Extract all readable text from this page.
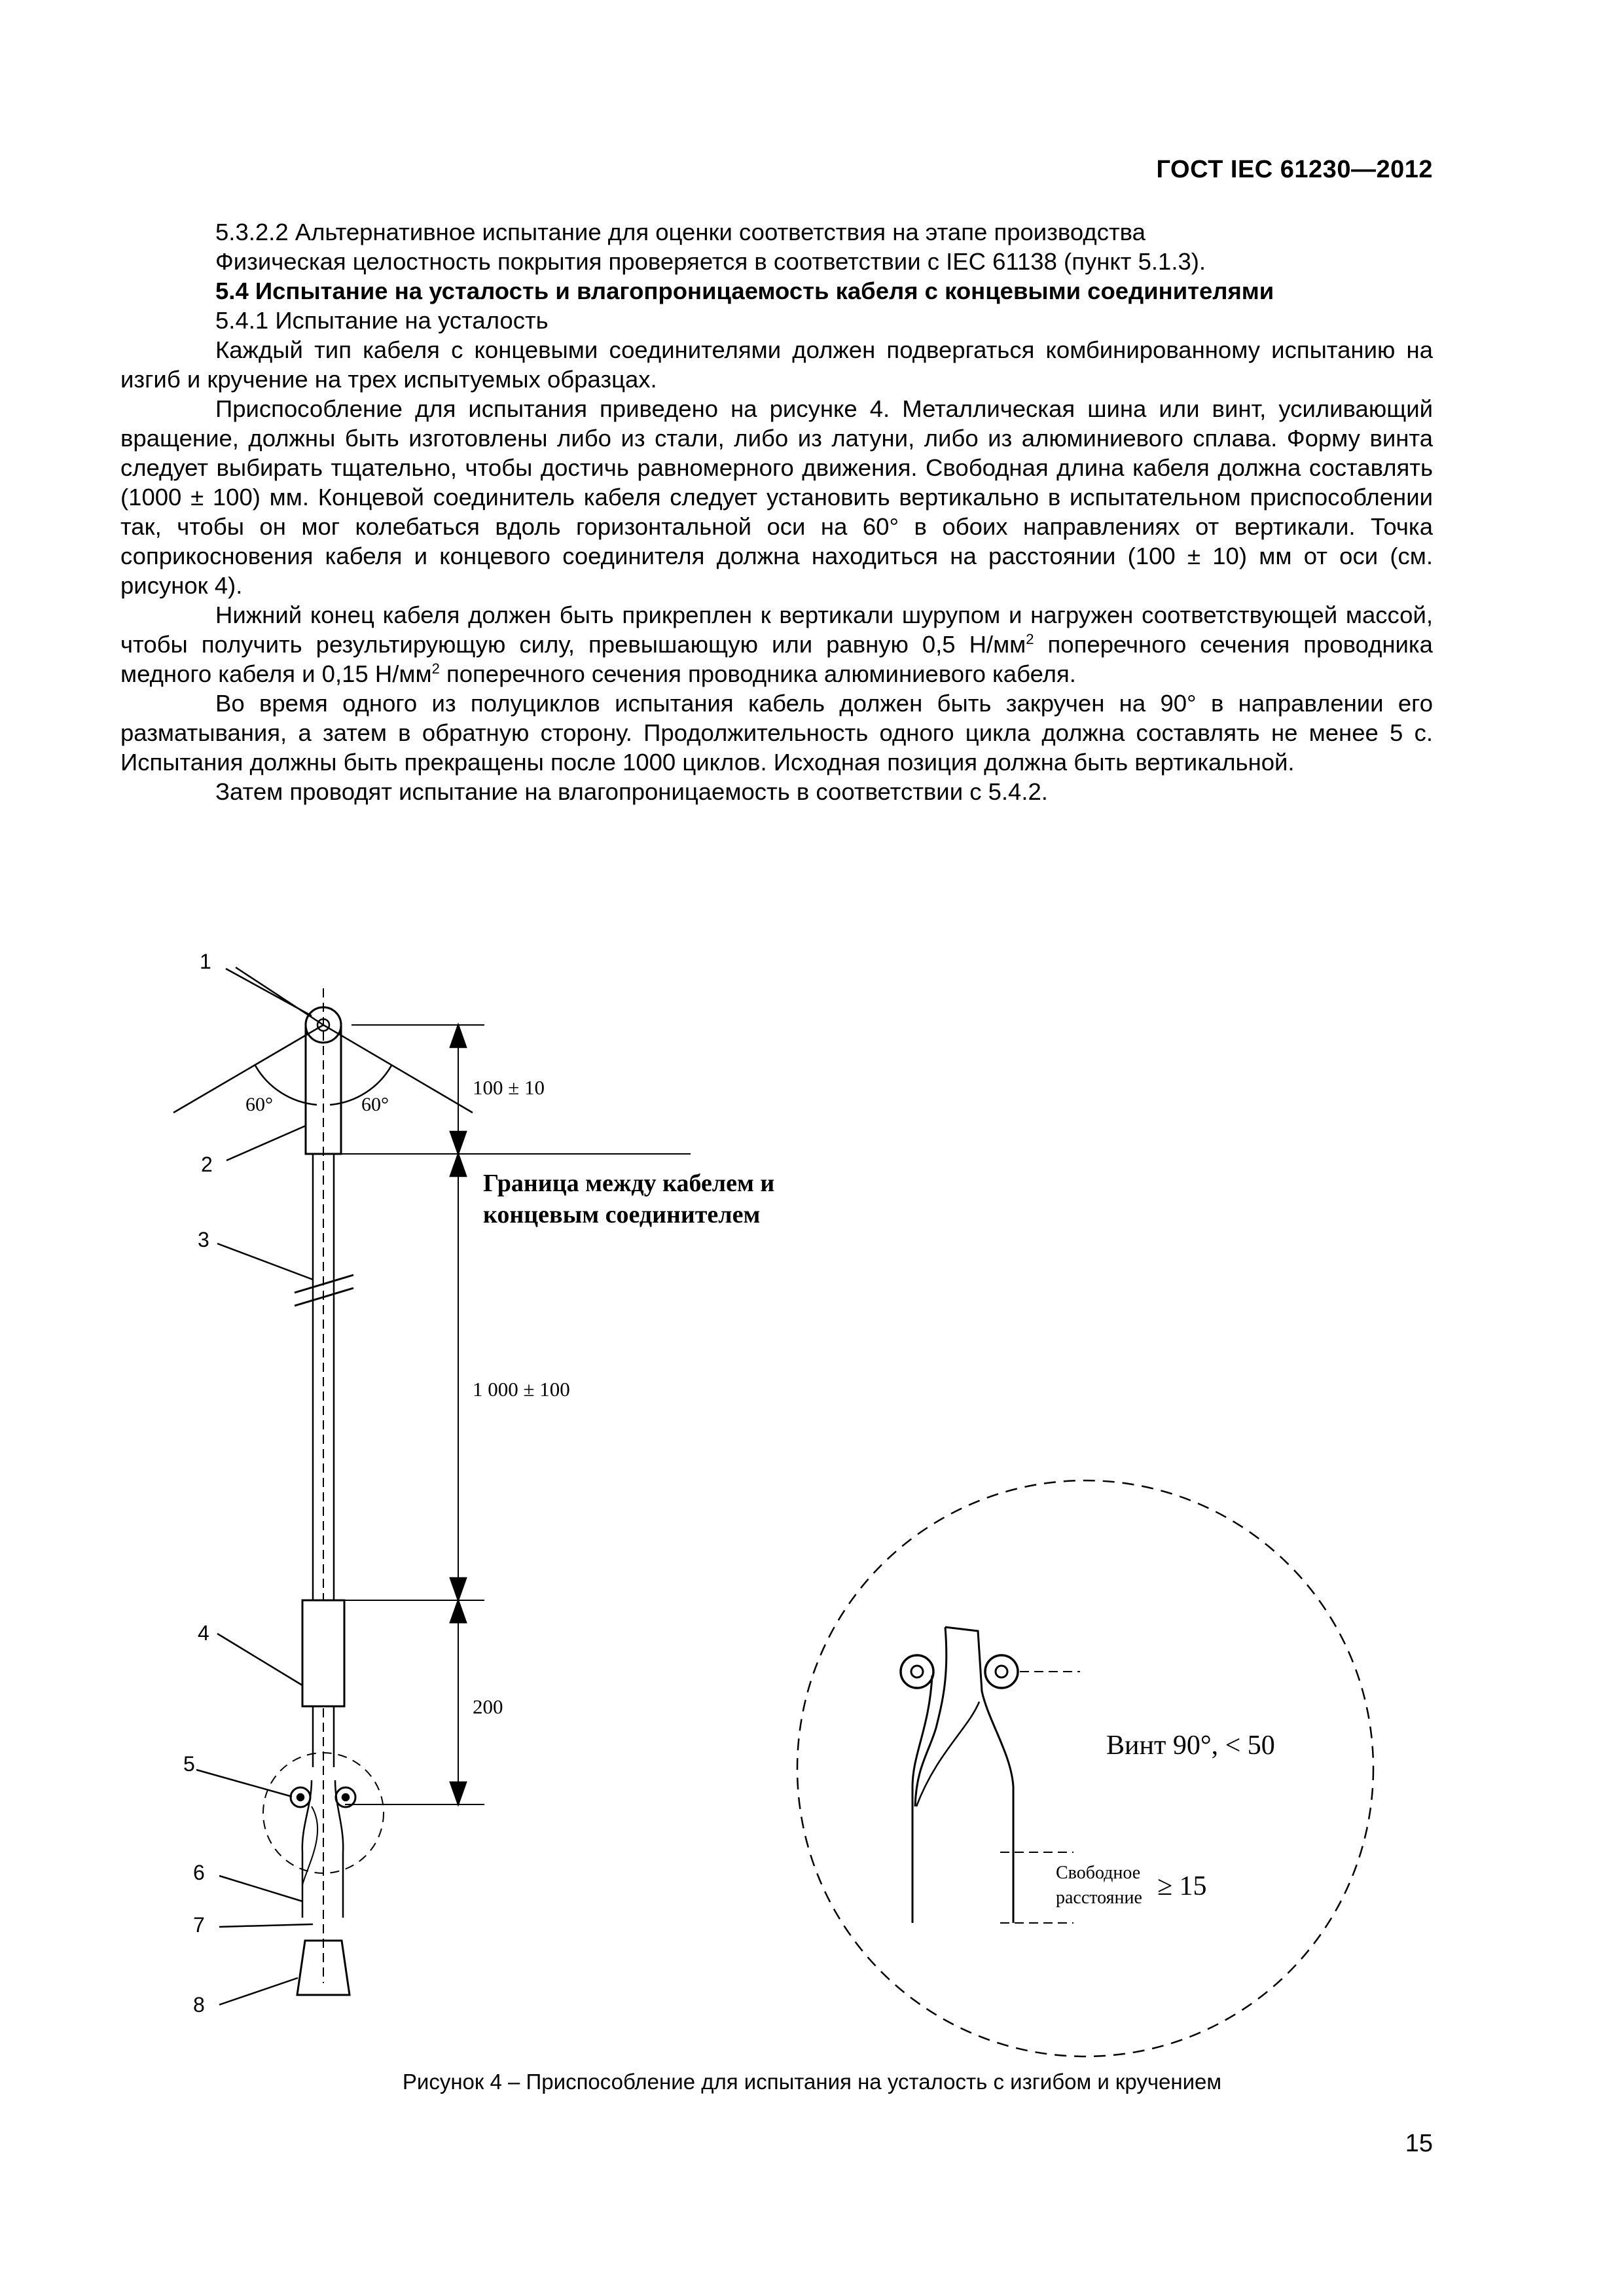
ГОСТ IEC 61230—2012

5.3.2.2 Альтернативное испытание для оценки соответствия на этапе производства

Физическая целостность покрытия проверяется в соответствии с IEC 61138 (пункт 5.1.3).

5.4 Испытание на усталость и влагопроницаемость кабеля с концевыми соединителями

5.4.1 Испытание на усталость

Каждый тип кабеля с концевыми соединителями должен подвергаться комбинированному испытанию на изгиб и кручение на трех испытуемых образцах.

Приспособление для испытания приведено на рисунке 4. Металлическая шина или винт, усиливающий вращение, должны быть изготовлены либо из стали, либо из латуни, либо из алюминиевого сплава. Форму винта следует выбирать тщательно, чтобы достичь равномерного движения. Свободная длина кабеля должна составлять (1000 ± 100) мм. Концевой соединитель кабеля следует установить вертикально в испытательном приспособлении так, чтобы он мог колебаться вдоль горизонтальной оси на 60° в обоих направлениях от вертикали. Точка соприкосновения кабеля и концевого соединителя должна находиться на расстоянии (100 ± 10) мм от оси (см. рисунок 4).

Нижний конец кабеля должен быть прикреплен к вертикали шурупом и нагружен соответствующей массой, чтобы получить результирующую силу, превышающую или равную 0,5 $Н/мм^2$ поперечного сечения проводника медного кабеля и 0,15 $Н/мм^2$ поперечного сечения проводника алюминиевого кабеля.

Во время одного из полуциклов испытания кабель должен быть закручен на 90° в направлении его разматывания, а затем в обратную сторону. Продолжительность одного цикла должна составлять не менее 5 с. Испытания должны быть прекращены после 1000 циклов. Исходная позиция должна быть вертикальной.

Затем проводят испытание на влагопроницаемость в соответствии с 5.4.2.

1
2
3
4
5
6
7
8
60°	60°
100 ± 10
1 000 ± 100
200
Граница между кабелем и
концевым соединителем
Винт 90°, < 50
Свободное
расстояние ≥ 15
Рисунок 4 – Приспособление для испытания на усталость с изгибом и кручением
15
